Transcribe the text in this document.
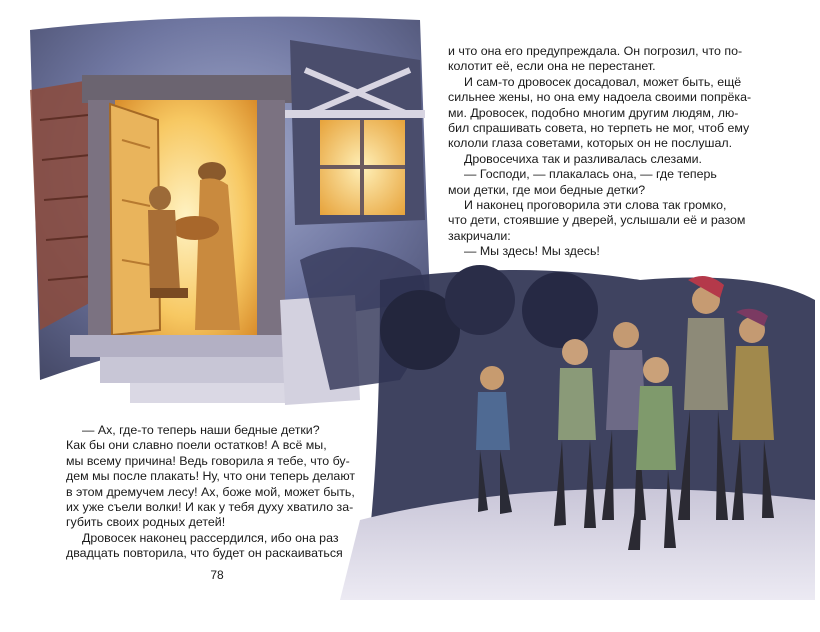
и что она его предупреждала. Он погрозил, что по-
колотит её, если она не перестанет.
И сам-то дровосек досадовал, может быть, ещё
сильнее жены, но она ему надоела своими попрёка-
ми. Дровосек, подобно многим другим людям, лю-
бил спрашивать совета, но терпеть не мог, чтоб ему
кололи глаза советами, которых он не послушал.
Дровосечиха так и разливалась слезами.
— Господи, — плакалась она, — где теперь
мои детки, где мои бедные детки?
И наконец проговорила эти слова так громко,
что дети, стоявшие у дверей, услышали её и разом
закричали:
— Мы здесь! Мы здесь!
— Ах, где-то теперь наши бедные детки?
Как бы они славно поели остатков! А всё мы,
мы всему причина! Ведь говорила я тебе, что бу-
дем мы после плакать! Ну, что они теперь делают
в этом дремучем лесу! Ах, боже мой, может быть,
их уже съели волки! И как у тебя духу хватило за-
губить своих родных детей!
Дровосек наконец рассердился, ибо она раз
двадцать повторила, что будет он раскаиваться
78
